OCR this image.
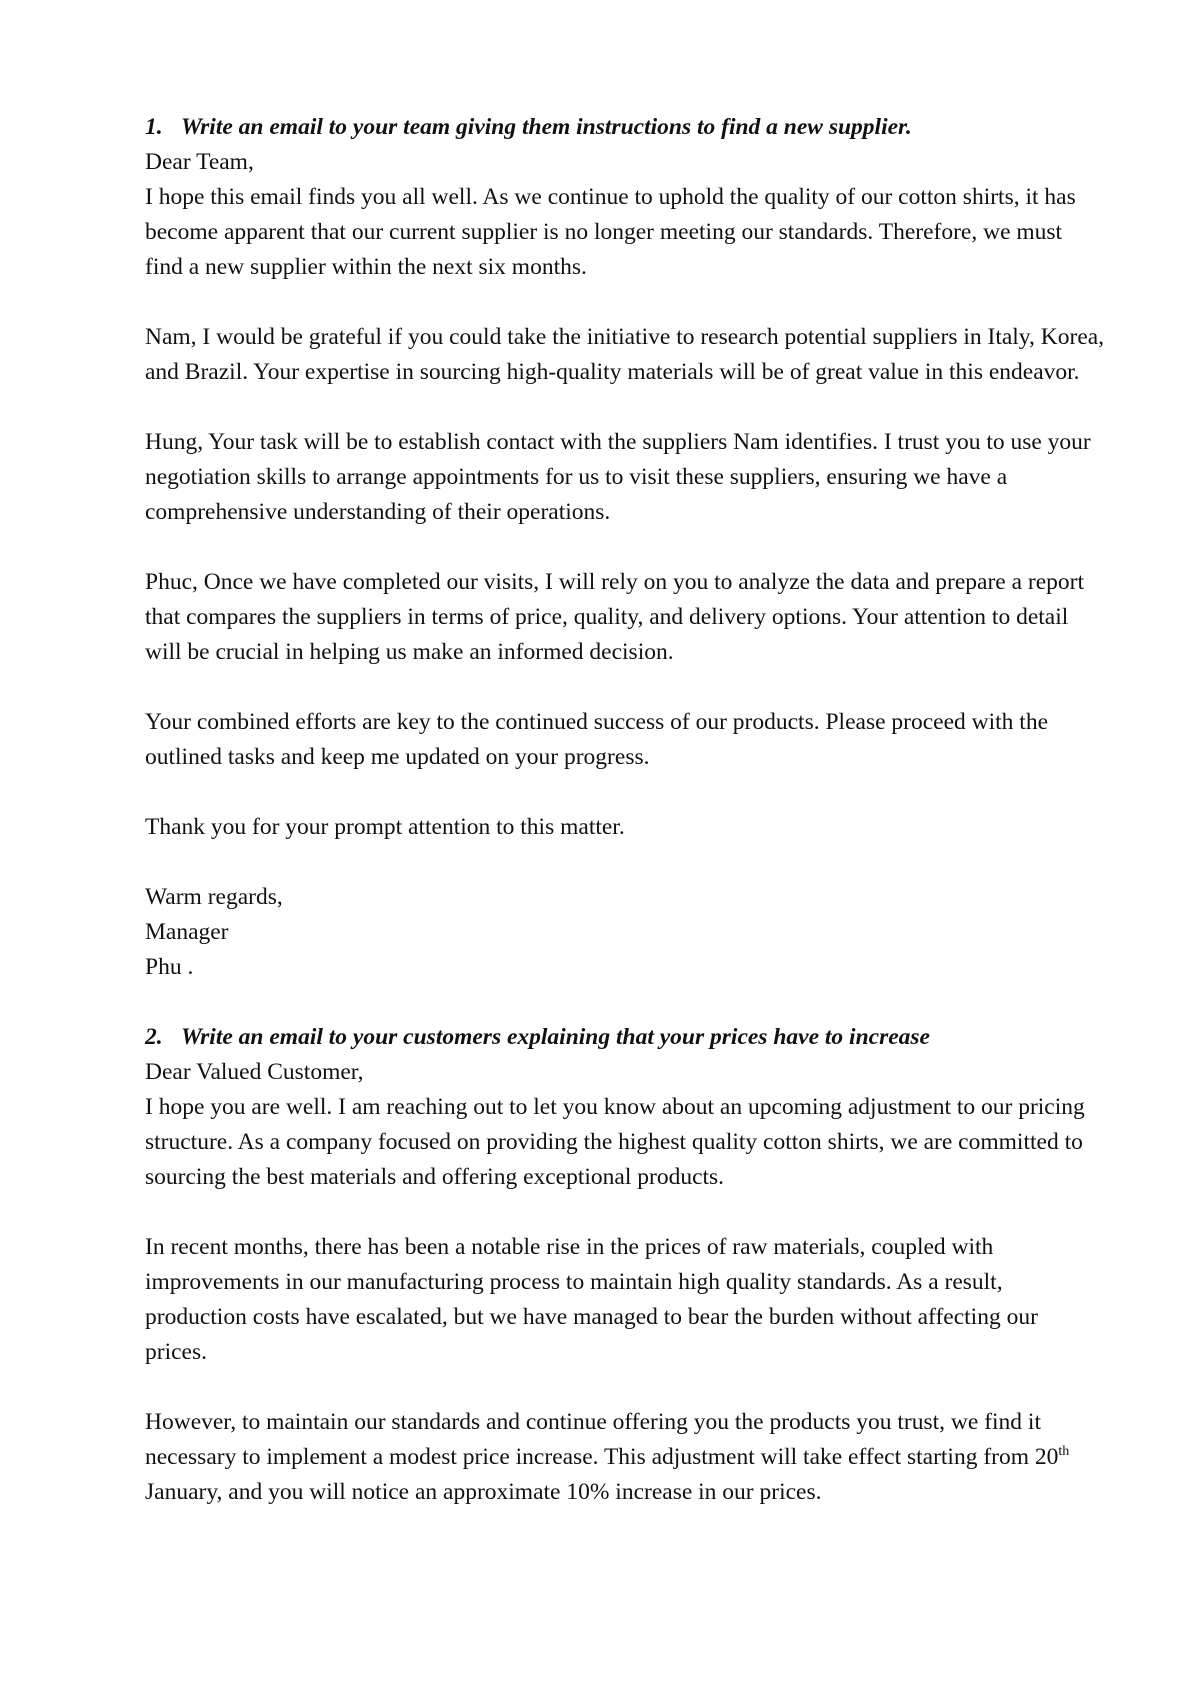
1. Write an email to your team giving them instructions to find a new supplier.

Dear Team,

I hope this email finds you all well. As we continue to uphold the quality of our cotton shirts, it has become apparent that our current supplier is no longer meeting our standards. Therefore, we must find a new supplier within the next six months.

Nam, I would be grateful if you could take the initiative to research potential suppliers in Italy, Korea, and Brazil. Your expertise in sourcing high-quality materials will be of great value in this endeavor.

Hung, Your task will be to establish contact with the suppliers Nam identifies. I trust you to use your negotiation skills to arrange appointments for us to visit these suppliers, ensuring we have a comprehensive understanding of their operations.

Phuc, Once we have completed our visits, I will rely on you to analyze the data and prepare a report that compares the suppliers in terms of price, quality, and delivery options. Your attention to detail will be crucial in helping us make an informed decision.

Your combined efforts are key to the continued success of our products. Please proceed with the outlined tasks and keep me updated on your progress.

Thank you for your prompt attention to this matter.

Warm regards,

Manager

Phu .

2. Write an email to your customers explaining that your prices have to increase

Dear Valued Customer,

I hope you are well. I am reaching out to let you know about an upcoming adjustment to our pricing structure. As a company focused on providing the highest quality cotton shirts, we are committed to sourcing the best materials and offering exceptional products.

In recent months, there has been a notable rise in the prices of raw materials, coupled with improvements in our manufacturing process to maintain high quality standards. As a result, production costs have escalated, but we have managed to bear the burden without affecting our prices.

However, to maintain our standards and continue offering you the products you trust, we find it necessary to implement a modest price increase. This adjustment will take effect starting from 20th January, and you will notice an approximate 10% increase in our prices.
